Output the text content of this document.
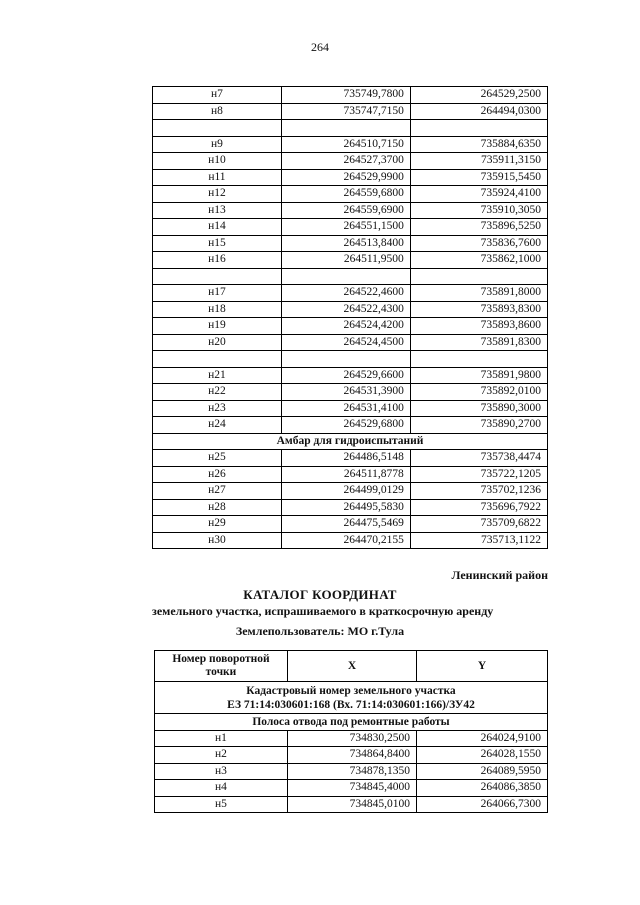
264
н7	735749,7800	264529,2500
н8	735747,7150	264494,0300

н9	264510,7150	735884,6350
н10	264527,3700	735911,3150
н11	264529,9900	735915,5450
н12	264559,6800	735924,4100
н13	264559,6900	735910,3050
н14	264551,1500	735896,5250
н15	264513,8400	735836,7600
н16	264511,9500	735862,1000

н17	264522,4600	735891,8000
н18	264522,4300	735893,8300
н19	264524,4200	735893,8600
н20	264524,4500	735891,8300

н21	264529,6600	735891,9800
н22	264531,3900	735892,0100
н23	264531,4100	735890,3000
н24	264529,6800	735890,2700
Амбар для гидроиспытаний		
н25	264486,5148	735738,4474
н26	264511,8778	735722,1205
н27	264499,0129	735702,1236
н28	264495,5830	735696,7922
н29	264475,5469	735709,6822
н30	264470,2155	735713,1122
Ленинский район
КАТАЛОГ КООРДИНАТ
земельного участка, испрашиваемого в краткосрочную аренду
Землепользователь: МО г.Тула
Номер поворотной точки	X	Y

Кадастровый номер земельного участка
ЕЗ 71:14:030601:168 (Вх. 71:14:030601:166)/ЗУ42		

Полоса отвода под ремонтные работы		
н1	734830,2500	264024,9100
н2	734864,8400	264028,1550
н3	734878,1350	264089,5950
н4	734845,4000	264086,3850
н5	734845,0100	264066,7300
